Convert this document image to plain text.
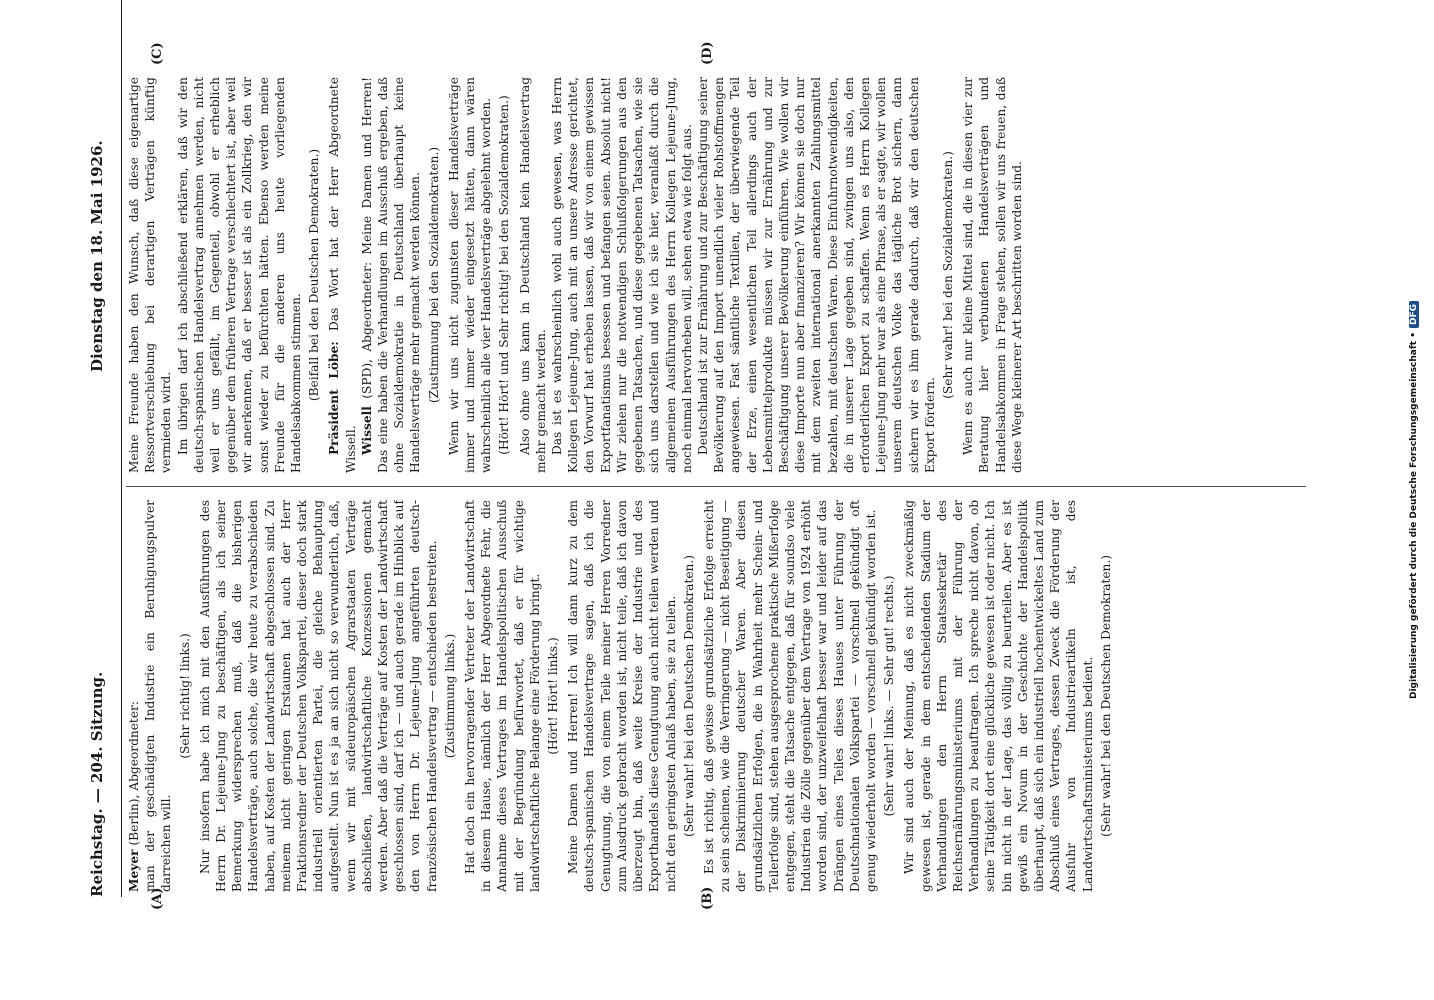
Reichstag. — 204. Sitzung.
Dienstag den 18. Mai 1926.
(A)	(B)
(C)	(D)

Meyer (Berlin), Abgeordneter: man der geschädigten Industrie ein Beruhigungspulver darreichen will.

(Sehr richtig! links.) Nur insofern habe ich mich mit den Ausführungen des Herrn Dr. Lejeune-Jung zu beschäftigen, als ich seiner Bemerkung widersprechen muß, daß die bisherigen Handelsverträge, auch solche, die wir heute zu verabschieden haben, auf Kosten der Landwirtschaft abgeschlossen sind. Zu meinem nicht geringen Erstaunen hat auch der Herr Fraktionsredner der Deutschen Volkspartei, dieser doch stark industriell orientierten Partei, die gleiche Behauptung aufgestellt. Nun ist es ja an sich nicht so verwunderlich, daß, wenn wir mit südeuropäischen Agrarstaaten Verträge abschließen, landwirtschaftliche Konzessionen gemacht werden. Aber daß die Verträge auf Kosten der Landwirtschaft geschlossen sind, darf ich — und auch gerade im Hinblick auf den von Herrn Dr. Lejeune-Jung angeführten deutsch-französischen Handelsvertrag — entschieden bestreiten. (Zustimmung links.) Hat doch ein hervorragender Vertreter der Landwirtschaft in diesem Hause, nämlich der Herr Abgeordnete Fehr, die Annahme dieses Vertrages im Handelspolitischen Ausschuß mit der Begründung befürwortet, daß er für wichtige landwirtschaftliche Belange eine Förderung bringt. (Hört! Hört! links.) Meine Damen und Herren! Ich will dann kurz zu dem deutsch-spanischen Handelsvertrage sagen, daß ich die Genugtuung, die von einem Teile meiner Herren Vorredner zum Ausdruck gebracht worden ist, nicht teile, daß ich davon überzeugt bin, daß weite Kreise der Industrie und des Exporthandels diese Genugtuung auch nicht teilen werden und nicht den geringsten Anlaß haben, sie zu teilen. (Sehr wahr! bei den Deutschen Demokraten.) Es ist richtig, daß gewisse grundsätzliche Erfolge erreicht zu sein scheinen, wie die Verringerung — nicht Beseitigung — der Diskriminierung deutscher Waren. Aber diesen grundsätzlichen Erfolgen, die in Wahrheit mehr Schein- und Teilerfolge sind, stehen ausgesprochene praktische Mißerfolge entgegen, steht die Tatsache entgegen, daß für soundso viele Industrien die Zölle gegenüber dem Vertrage von 1924 erhöht worden sind, der unzweifelhaft besser war und leider auf das Drängen eines Teiles dieses Hauses unter Führung der Deutschnationalen Volkspartei — vorschnell gekündigt oft genug wiederholt worden — vorschnell gekündigt worden ist. (Sehr wahr! links. — Sehr gut! rechts.) Wir sind auch der Meinung, daß es nicht zweckmäßig gewesen ist, gerade in dem entscheidenden Stadium der Verhandlungen den Herrn Staatssekretär des Reichsernährungsministeriums mit der Führung der Verhandlungen zu beauftragen. Ich spreche nicht davon, ob seine Tätigkeit dort eine glückliche gewesen ist oder nicht. Ich bin nicht in der Lage, das völlig zu beurteilen. Aber es ist gewiß ein Novum in der Geschichte der Handelspolitik überhaupt, daß sich ein industriell hochentwickeltes Land zum Abschluß eines Vertrages, dessen Zweck die Förderung der Ausfuhr von Industrieartikeln ist, des Landwirtschaftsministeriums bedient. (Sehr wahr! bei den Deutschen Demokraten.)

Meine Freunde haben den Wunsch, daß diese eigenartige Ressortverschiebung bei derartigen Verträgen künftig vermieden wird. Im übrigen darf ich abschließend erklären, daß wir den deutsch-spanischen Handelsvertrag annehmen werden, nicht weil er uns gefällt, im Gegenteil, obwohl er erheblich gegenüber dem früheren Vertrage verschlechtert ist, aber weil wir anerkennen, daß er besser ist als ein Zollkrieg, den wir sonst wieder zu befürchten hätten. Ebenso werden meine Freunde für die anderen uns heute vorliegenden Handelsabkommen stimmen. (Beifall bei den Deutschen Demokraten.) Präsident Löbe: Das Wort hat der Herr Abgeordnete Wissell. Wissell (SPD), Abgeordneter: Meine Damen und Herren! Das eine haben die Verhandlungen im Ausschuß ergeben, daß ohne Sozialdemokratie in Deutschland überhaupt keine Handelsverträge mehr gemacht werden können. (Zustimmung bei den Sozialdemokraten.) Wenn wir uns nicht zugunsten dieser Handelsverträge immer und immer wieder eingesetzt hätten, dann wären wahrscheinlich alle vier Handelsverträge abgelehnt worden. (Hört! Hört! und Sehr richtig! bei den Sozialdemokraten.) Also ohne uns kann in Deutschland kein Handelsvertrag mehr gemacht werden. Das ist es wahrscheinlich wohl auch gewesen, was Herrn Kollegen Lejeune-Jung, auch mit an unsere Adresse gerichtet, den Vorwurf hat erheben lassen, daß wir von einem gewissen Exportfanatismus besessen und befangen seien. Absolut nicht! Wir ziehen nur die notwendigen Schlußfolgerungen aus den gegebenen Tatsachen, und diese gegebenen Tatsachen, wie sie sich uns darstellen und wie ich sie hier, veranlaßt durch die allgemeinen Ausführungen des Herrn Kollegen Lejeune-Jung, noch einmal hervorheben will, sehen etwa wie folgt aus. Deutschland ist zur Ernährung und zur Beschäftigung seiner Bevölkerung auf den Import unendlich vieler Rohstoffmengen angewiesen. Fast sämtliche Textilien, der überwiegende Teil der Erze, einen wesentlichen Teil allerdings auch der Lebensmittelprodukte müssen wir zur Ernährung und zur Beschäftigung unserer Bevölkerung einführen. Wie wollen wir diese Importe nun aber finanzieren? Wir können sie doch nur mit dem zweiten international anerkannten Zahlungsmittel bezahlen, mit deutschen Waren. Diese Einfuhrnotwendigkeiten, die in unserer Lage gegeben sind, zwingen uns also, den erforderlichen Export zu schaffen. Wenn es Herrn Kollegen Lejeune-Jung mehr war als eine Phrase, als er sagte, wir wollen unserem deutschen Volke das tägliche Brot sichern, dann sichern wir es ihm gerade dadurch, daß wir den deutschen Export fördern.

(Sehr wahr! bei den Sozialdemokraten.) Wenn es auch nur kleine Mittel sind, die in diesen vier zur Beratung hier verbundenen Handelsverträgen und Handelsabkommen in Frage stehen, sollen wir uns freuen, daß diese Wege kleinerer Art beschritten worden sind.

Digitalisierung gefördert durch die Deutsche Forschungsgemeinschaft •DFG
